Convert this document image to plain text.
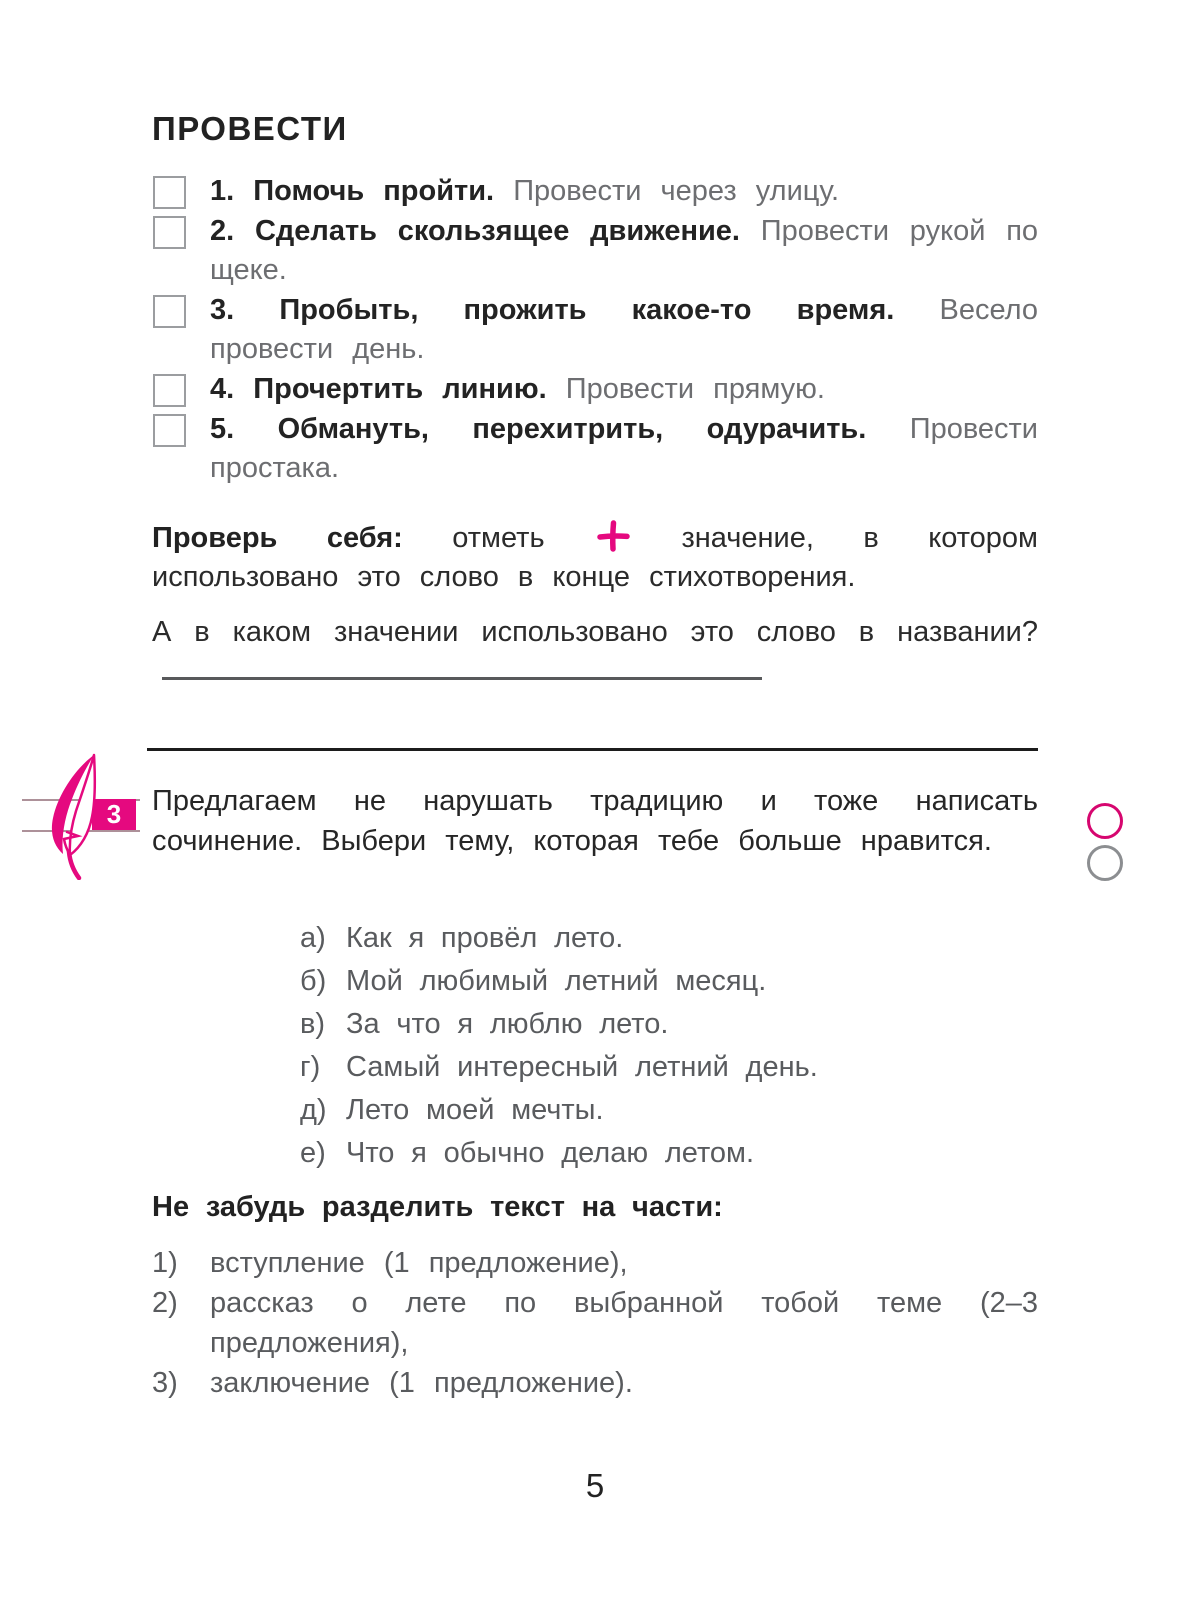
ПРОВЕСТИ

1. Помочь пройти. Провести через улицу.

2. Сделать скользящее движение. Провести рукой по щеке.

3. Пробыть, прожить какое-то время. Весело провести день.

4. Прочертить линию. Провести прямую.

5. Обмануть, перехитрить, одурачить. Провести простака.

Проверь себя: отметь	значение, в котором использовано это слово в конце стихотворения.
А в каком значении использовано это слово в названии?
3	Предлагаем не нарушать традицию и тоже написать сочинение. Выбери тему, которая тебе больше нравится.
а) Как я провёл лето.
б) Мой любимый летний месяц.
в) За что я люблю лето.
г) Самый интересный летний день.
д) Лето моей мечты.
е) Что я обычно делаю летом.
Не забудь разделить текст на части:

1) вступление (1 предложение),

2) рассказ о лете по выбранной тобой теме (2–3 предложения),

3) заключение (1 предложение).

5
